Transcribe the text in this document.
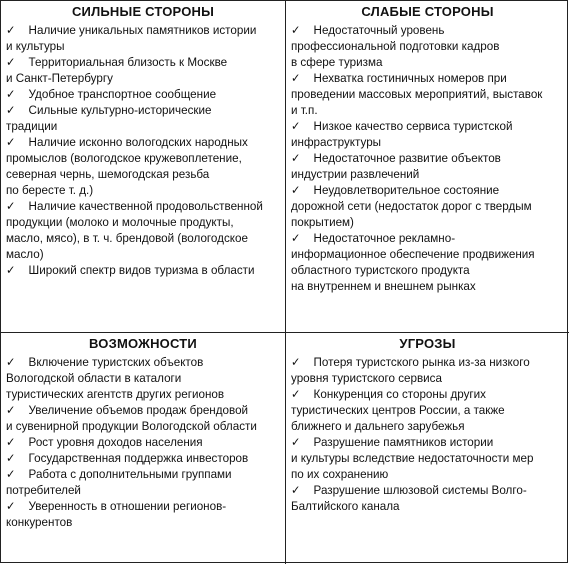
СИЛЬНЫЕ СТОРОНЫ
✓ Наличие уникальных памятников истории
и культуры
✓ Территориальная близость к Москве
и Санкт-Петербургу
✓ Удобное транспортное сообщение
✓ Сильные культурно-исторические
традиции
✓ Наличие исконно вологодских народных
промыслов (вологодское кружевоплетение,
северная чернь, шемогодская резьба
по бересте т. д.)
✓ Наличие качественной продовольственной
продукции (молоко и молочные продукты,
масло, мясо), в т. ч. брендовой (вологодское
масло)
✓ Широкий спектр видов туризма в области
СЛАБЫЕ СТОРОНЫ
✓ Недостаточный уровень
профессиональной подготовки кадров
в сфере туризма
✓ Нехватка гостиничных номеров при
проведении массовых мероприятий, выставок
и т.п.
✓ Низкое качество сервиса туристской
инфраструктуры
✓ Недостаточное развитие объектов
индустрии развлечений
✓ Неудовлетворительное состояние
дорожной сети (недостаток дорог с твердым
покрытием)
✓ Недостаточное рекламно-
информационное обеспечение продвижения
областного туристского продукта
на внутреннем и внешнем рынках
ВОЗМОЖНОСТИ
✓ Включение туристских объектов
Вологодской области в каталоги
туристических агентств других регионов
✓ Увеличение объемов продаж брендовой
и сувенирной продукции Вологодской области
✓ Рост уровня доходов населения
✓ Государственная поддержка инвесторов
✓ Работа с дополнительными группами
потребителей
✓ Уверенность в отношении регионов-
конкурентов
УГРОЗЫ
✓ Потеря туристского рынка из-за низкого
уровня туристского сервиса
✓ Конкуренция со стороны других
туристических центров России, а также
ближнего и дальнего зарубежья
✓ Разрушение памятников истории
и культуры вследствие недостаточности мер
по их сохранению
✓ Разрушение шлюзовой системы Волго-
Балтийского канала
